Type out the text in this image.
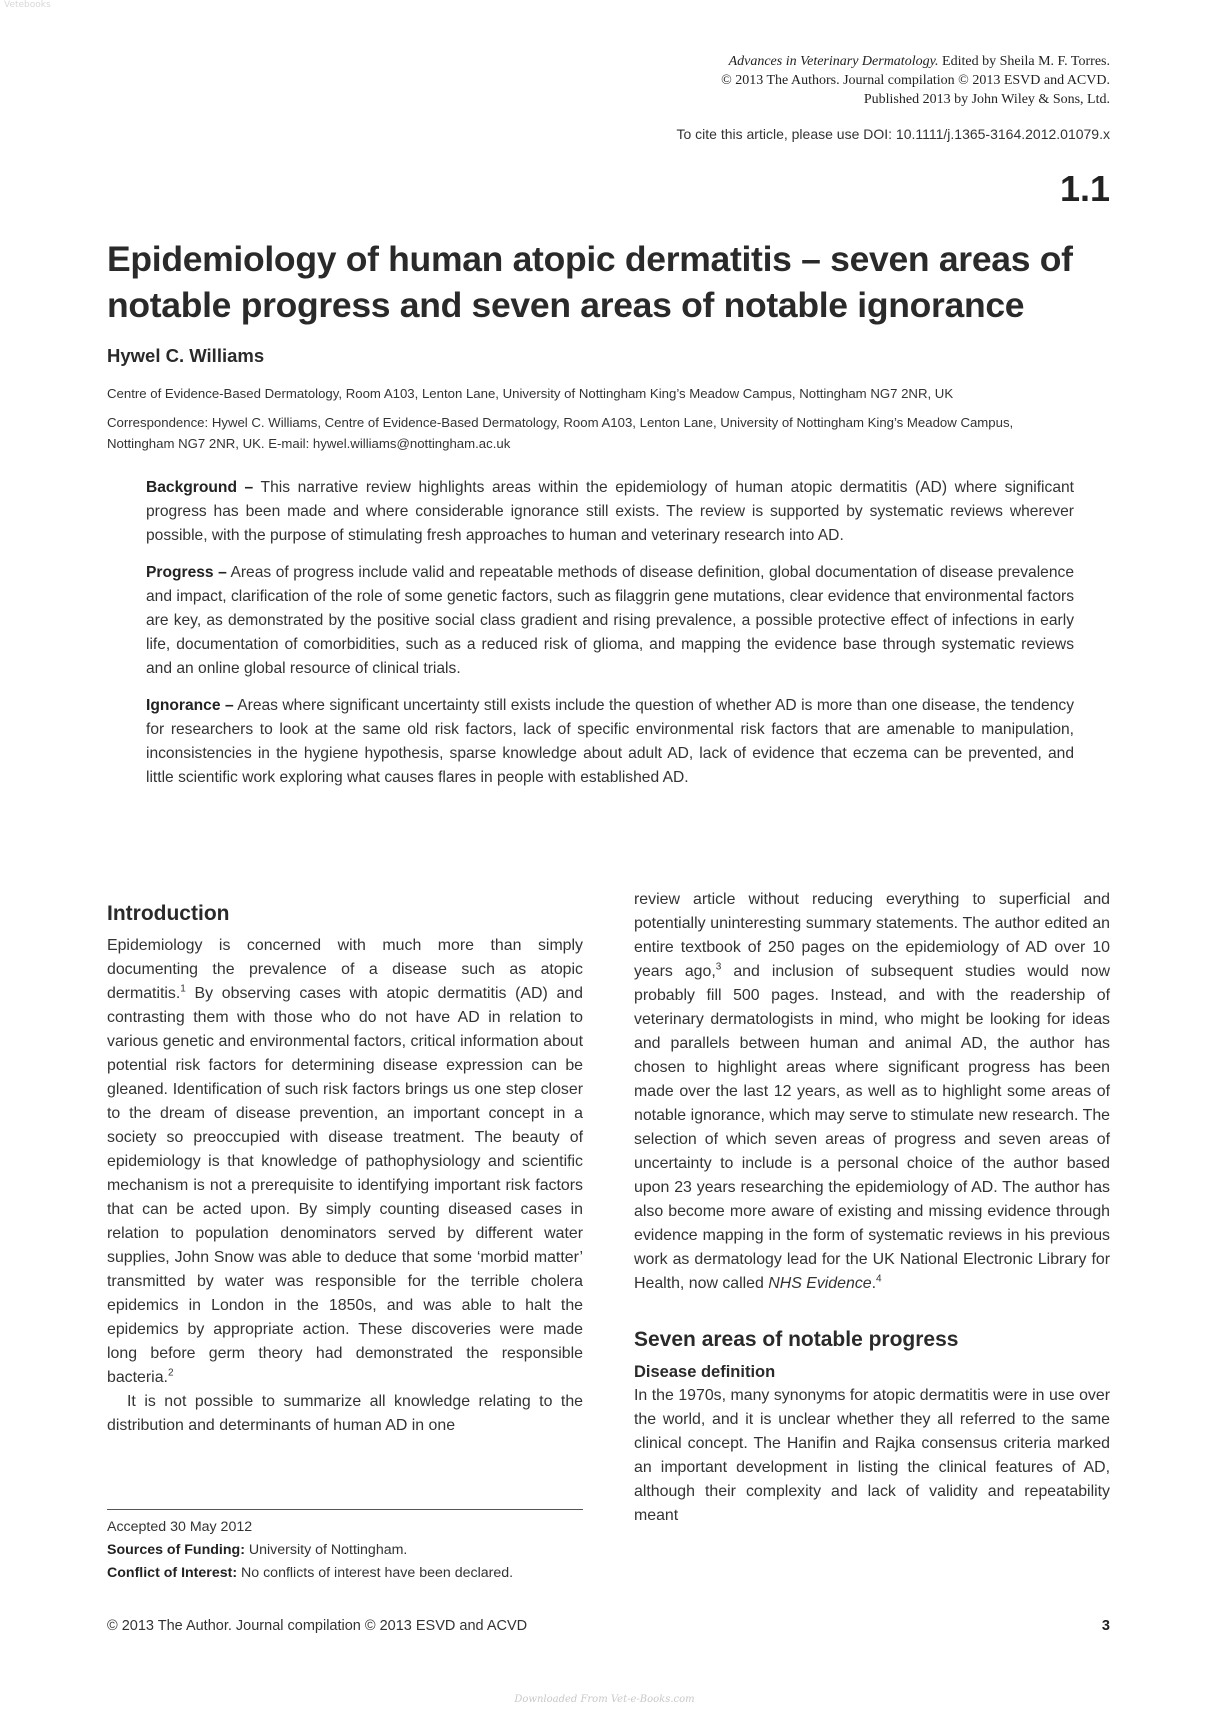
Vetebooks

Advances in Veterinary Dermatology. Edited by Sheila M. F. Torres.

© 2013 The Authors. Journal compilation © 2013 ESVD and ACVD.

Published 2013 by John Wiley & Sons, Ltd.

To cite this article, please use DOI: 10.1111/j.1365-3164.2012.01079.x
1.1
Epidemiology of human atopic dermatitis – seven areas of notable progress and seven areas of notable ignorance
Hywel C. Williams
Centre of Evidence-Based Dermatology, Room A103, Lenton Lane, University of Nottingham King’s Meadow Campus, Nottingham NG7 2NR, UK
Correspondence: Hywel C. Williams, Centre of Evidence-Based Dermatology, Room A103, Lenton Lane, University of Nottingham King’s Meadow Campus, Nottingham NG7 2NR, UK. E-mail: hywel.williams@nottingham.ac.uk

Background – This narrative review highlights areas within the epidemiology of human atopic dermatitis (AD) where significant progress has been made and where considerable ignorance still exists. The review is supported by systematic reviews wherever possible, with the purpose of stimulating fresh approaches to human and veterinary research into AD.

Progress – Areas of progress include valid and repeatable methods of disease definition, global documentation of disease prevalence and impact, clarification of the role of some genetic factors, such as filaggrin gene mutations, clear evidence that environmental factors are key, as demonstrated by the positive social class gradient and rising prevalence, a possible protective effect of infections in early life, documentation of comorbidities, such as a reduced risk of glioma, and mapping the evidence base through systematic reviews and an online global resource of clinical trials.

Ignorance – Areas where significant uncertainty still exists include the question of whether AD is more than one disease, the tendency for researchers to look at the same old risk factors, lack of specific environmental risk factors that are amenable to manipulation, inconsistencies in the hygiene hypothesis, sparse knowledge about adult AD, lack of evidence that eczema can be prevented, and little scientific work exploring what causes flares in people with established AD.

Introduction

Epidemiology is concerned with much more than simply documenting the prevalence of a disease such as atopic dermatitis.$^1$ By observing cases with atopic dermatitis (AD) and contrasting them with those who do not have AD in relation to various genetic and environmental factors, critical information about potential risk factors for determining disease expression can be gleaned. Identification of such risk factors brings us one step closer to the dream of disease prevention, an important concept in a society so preoccupied with disease treatment. The beauty of epidemiology is that knowledge of pathophysiology and scientific mechanism is not a prerequisite to identifying important risk factors that can be acted upon. By simply counting diseased cases in relation to population denominators served by different water supplies, John Snow was able to deduce that some ‘morbid matter’ transmitted by water was responsible for the terrible cholera epidemics in London in the 1850s, and was able to halt the epidemics by appropriate action. These discoveries were made long before germ theory had demonstrated the responsible bacteria.$^2$

It is not possible to summarize all knowledge relating to the distribution and determinants of human AD in one

review article without reducing everything to superficial and potentially uninteresting summary statements. The author edited an entire textbook of 250 pages on the epidemiology of AD over 10 years ago,$^3$ and inclusion of subsequent studies would now probably fill 500 pages. Instead, and with the readership of veterinary dermatologists in mind, who might be looking for ideas and parallels between human and animal AD, the author has chosen to highlight areas where significant progress has been made over the last 12 years, as well as to highlight some areas of notable ignorance, which may serve to stimulate new research. The selection of which seven areas of progress and seven areas of uncertainty to include is a personal choice of the author based upon 23 years researching the epidemiology of AD. The author has also become more aware of existing and missing evidence through evidence mapping in the form of systematic reviews in his previous work as dermatology lead for the UK National Electronic Library for Health, now called NHS Evidence.$^4$

Seven areas of notable progress
Disease definition

In the 1970s, many synonyms for atopic dermatitis were in use over the world, and it is unclear whether they all referred to the same clinical concept. The Hanifin and Rajka consensus criteria marked an important development in listing the clinical features of AD, although their complexity and lack of validity and repeatability meant

Accepted 30 May 2012

Sources of Funding: University of Nottingham.

Conflict of Interest: No conflicts of interest have been declared.

© 2013 The Author. Journal compilation © 2013 ESVD and ACVD	3
Downloaded From Vet-e-Books.com
